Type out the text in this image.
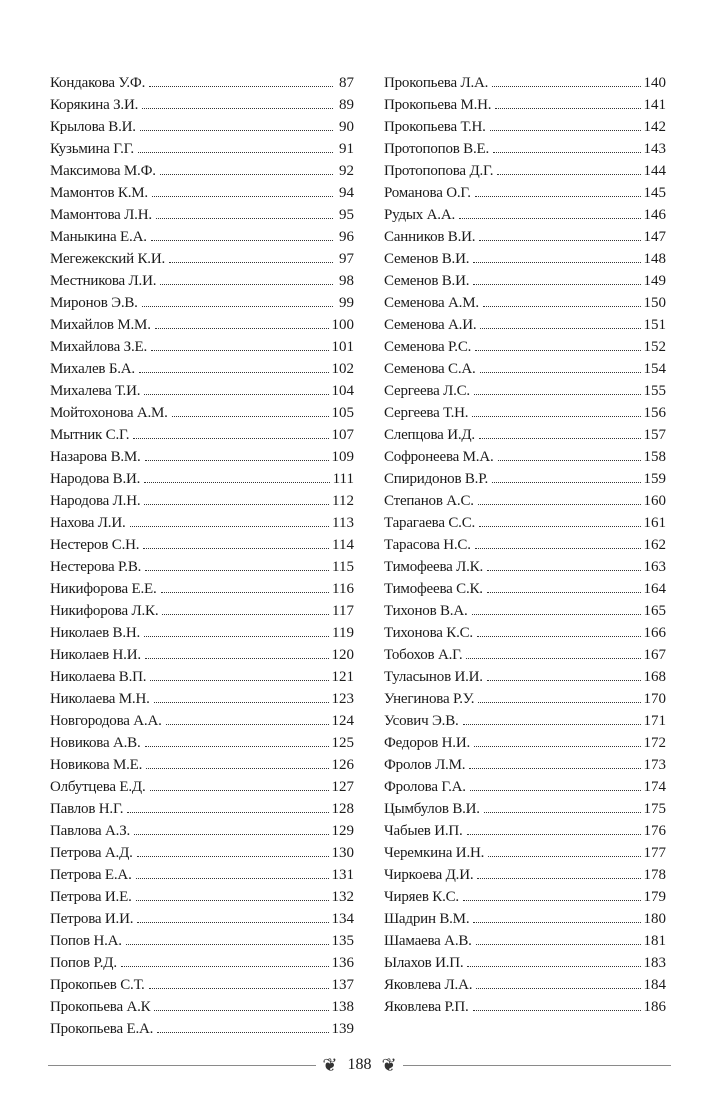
Кондакова У.Ф.	87
Корякина З.И.	89
Крылова В.И.	90
Кузьмина Г.Г.	91
Максимова М.Ф.	92
Мамонтов К.М.	94
Мамонтова Л.Н.	95
Маныкина Е.А.	96
Мегежекский К.И.	97
Местникова Л.И.	98
Миронов Э.В.	99
Михайлов М.М.	100
Михайлова З.Е.	101
Михалев Б.А.	102
Михалева Т.И.	104
Мойтохонова А.М.	105
Мытник С.Г.	107
Назарова В.М.	109
Народова В.И.	111
Народова Л.Н.	112
Нахова Л.И.	113
Нестеров С.Н.	114
Нестерова Р.В.	115
Никифорова Е.Е.	116
Никифорова Л.К.	117
Николаев В.Н.	119
Николаев Н.И.	120
Николаева В.П.	121
Николаева М.Н.	123
Новгородова А.А.	124
Новикова А.В.	125
Новикова М.Е.	126
Олбутцева Е.Д.	127
Павлов Н.Г.	128
Павлова А.З.	129
Петрова А.Д.	130
Петрова Е.А.	131
Петрова И.Е.	132
Петрова И.И.	134
Попов Н.А.	135
Попов Р.Д.	136
Прокопьев С.Т.	137
Прокопьева А.К	138
Прокопьева Е.А.	139
Прокопьева Л.А.	140
Прокопьева М.Н.	141
Прокопьева Т.Н.	142
Протопопов В.Е.	143
Протопопова Д.Г.	144
Романова О.Г.	145
Рудых А.А.	146
Санников В.И.	147
Семенов В.И.	148
Семенов В.И.	149
Семенова А.М.	150
Семенова А.И.	151
Семенова Р.С.	152
Семенова С.А.	154
Сергеева Л.С.	155
Сергеева Т.Н.	156
Слепцова И.Д.	157
Софронеева М.А.	158
Спиридонов В.Р.	159
Степанов А.С.	160
Тарагаева С.С.	161
Тарасова Н.С.	162
Тимофеева Л.К.	163
Тимофеева С.К.	164
Тихонов В.А.	165
Тихонова К.С.	166
Тобохов А.Г.	167
Туласынов И.И.	168
Унегинова Р.У.	170
Усович Э.В.	171
Федоров Н.И.	172
Фролов Л.М.	173
Фролова Г.А.	174
Цымбулов В.И.	175
Чабыев И.П.	176
Черемкина И.Н.	177
Чиркоева Д.И.	178
Чиряев К.С.	179
Шадрин В.М.	180
Шамаева А.В.	181
Ылахов И.П.	183
Яковлева Л.А.	184
Яковлева Р.П.	186
❦ 188 ❦
